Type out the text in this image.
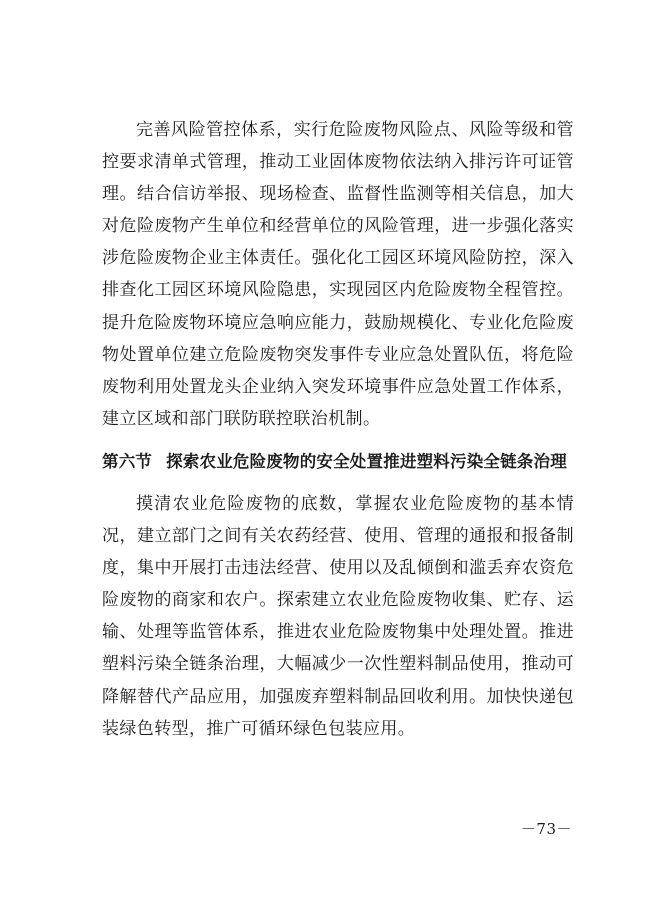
完善风险管控体系，实行危险废物风险点、风险等级和管控要求清单式管理，推动工业固体废物依法纳入排污许可证管理。结合信访举报、现场检查、监督性监测等相关信息，加大对危险废物产生单位和经营单位的风险管理，进一步强化落实涉危险废物企业主体责任。强化化工园区环境风险防控，深入排查化工园区环境风险隐患，实现园区内危险废物全程管控。提升危险废物环境应急响应能力，鼓励规模化、专业化危险废物处置单位建立危险废物突发事件专业应急处置队伍，将危险废物利用处置龙头企业纳入突发环境事件应急处置工作体系，建立区域和部门联防联控联治机制。

第六节 探索农业危险废物的安全处置推进塑料污染全链条治理

摸清农业危险废物的底数，掌握农业危险废物的基本情况，建立部门之间有关农药经营、使用、管理的通报和报备制度，集中开展打击违法经营、使用以及乱倾倒和滥丢弃农资危险废物的商家和农户。探索建立农业危险废物收集、贮存、运输、处理等监管体系，推进农业危险废物集中处理处置。推进塑料污染全链条治理，大幅减少一次性塑料制品使用，推动可降解替代产品应用，加强废弃塑料制品回收利用。加快快递包装绿色转型，推广可循环绿色包装应用。

－73－
